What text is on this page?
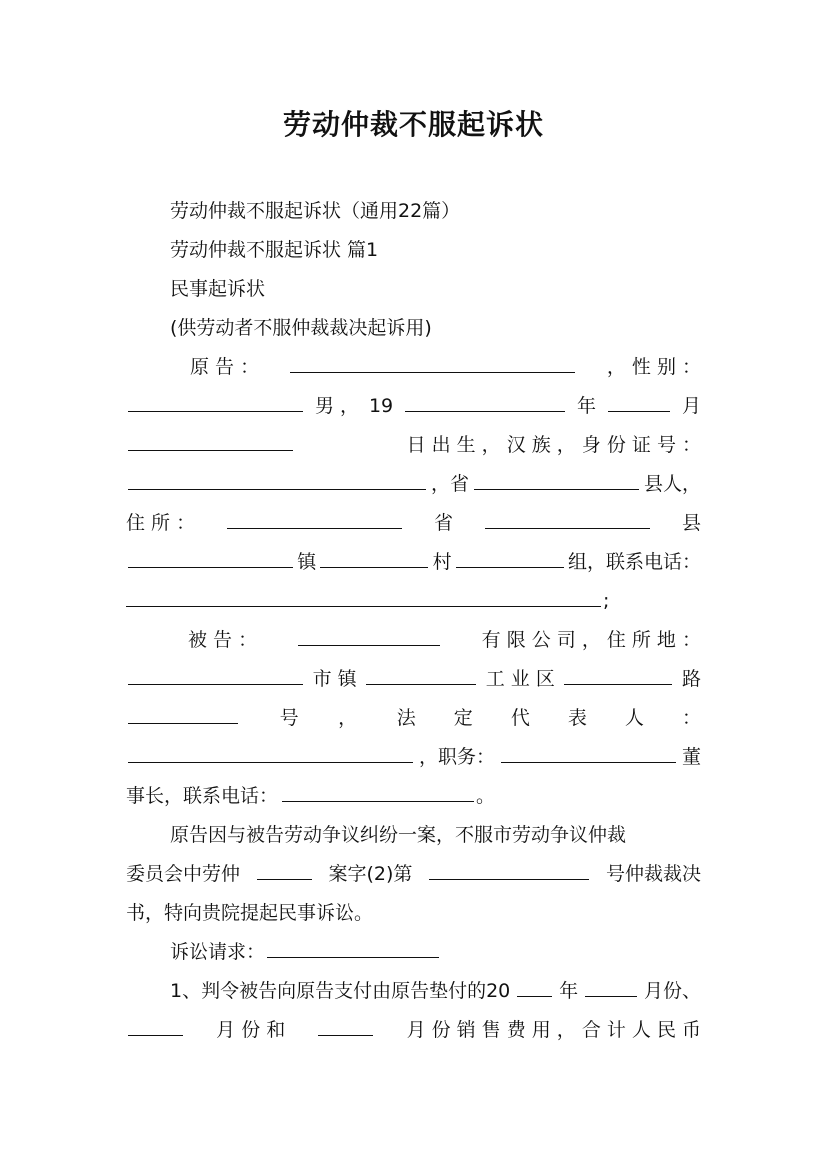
劳动仲裁不服起诉状
劳动仲裁不服起诉状（通用22篇）
劳动仲裁不服起诉状 篇1
民事起诉状
(供劳动者不服仲裁裁决起诉用)
原 告 ：	， 性 别 ：
男 ， 19	年	月
日 出 生 ， 汉 族 ， 身 份 证 号 ：
，省	县人，
住 所 ：	省	县
镇	村	组，联系电话：
;
被 告 ：	有 限 公 司 ， 住 所 地 ：
市 镇	工 业 区	路
号 ， 法 定 代 表 人 ：
，职务：	董
事长，联系电话：	。
原告因与被告劳动争议纠纷一案，不服市劳动争议仲裁
委员会中劳仲	案字(2)第	号仲裁裁决
书，特向贵院提起民事诉讼。
诉讼请求：
1、判令被告向原告支付由原告垫付的20	年	月份、
月 份 和	月 份 销 售 费 用 ， 合 计 人 民 币
